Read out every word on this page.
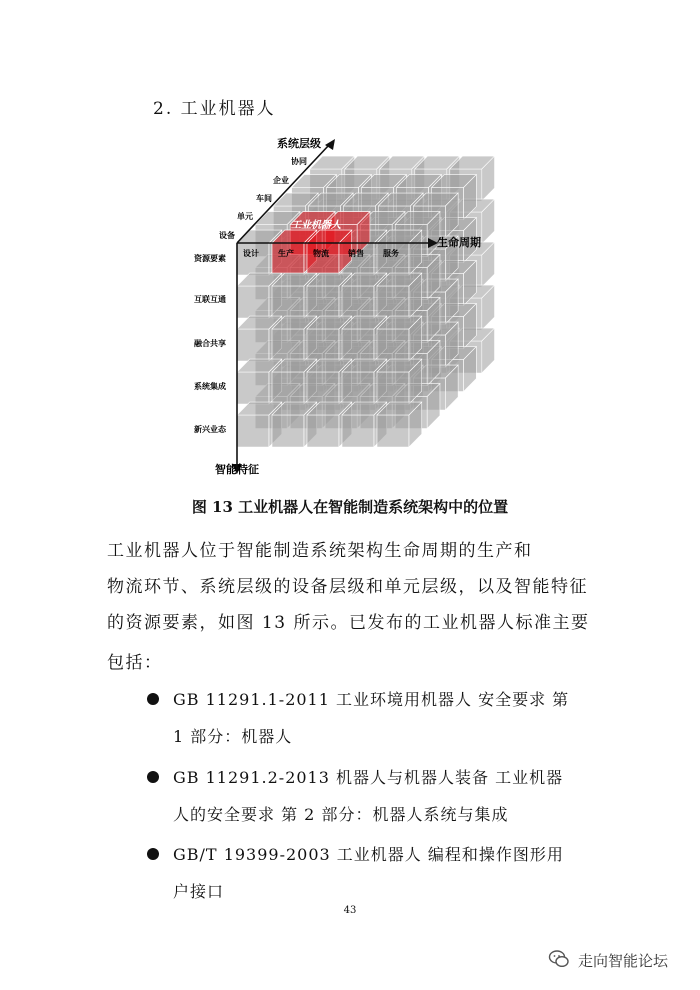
2. 工业机器人
系统层级
生命周期
智能特征
协同
企业
车间
单元
设备
设计 生产 物流 销售 服务
资源要素
互联互通
融合共享
系统集成
新兴业态
工业机器人
图 13 工业机器人在智能制造系统架构中的位置
工业机器人位于智能制造系统架构生命周期的生产和
物流环节、系统层级的设备层级和单元层级，以及智能特征
的资源要素，如图 13 所示。已发布的工业机器人标准主要
包括：
GB 11291.1-2011 工业环境用机器人 安全要求 第
1 部分：机器人
GB 11291.2-2013 机器人与机器人装备 工业机器
人的安全要求 第 2 部分：机器人系统与集成
GB/T 19399-2003 工业机器人 编程和操作图形用
户接口
43
走向智能论坛
